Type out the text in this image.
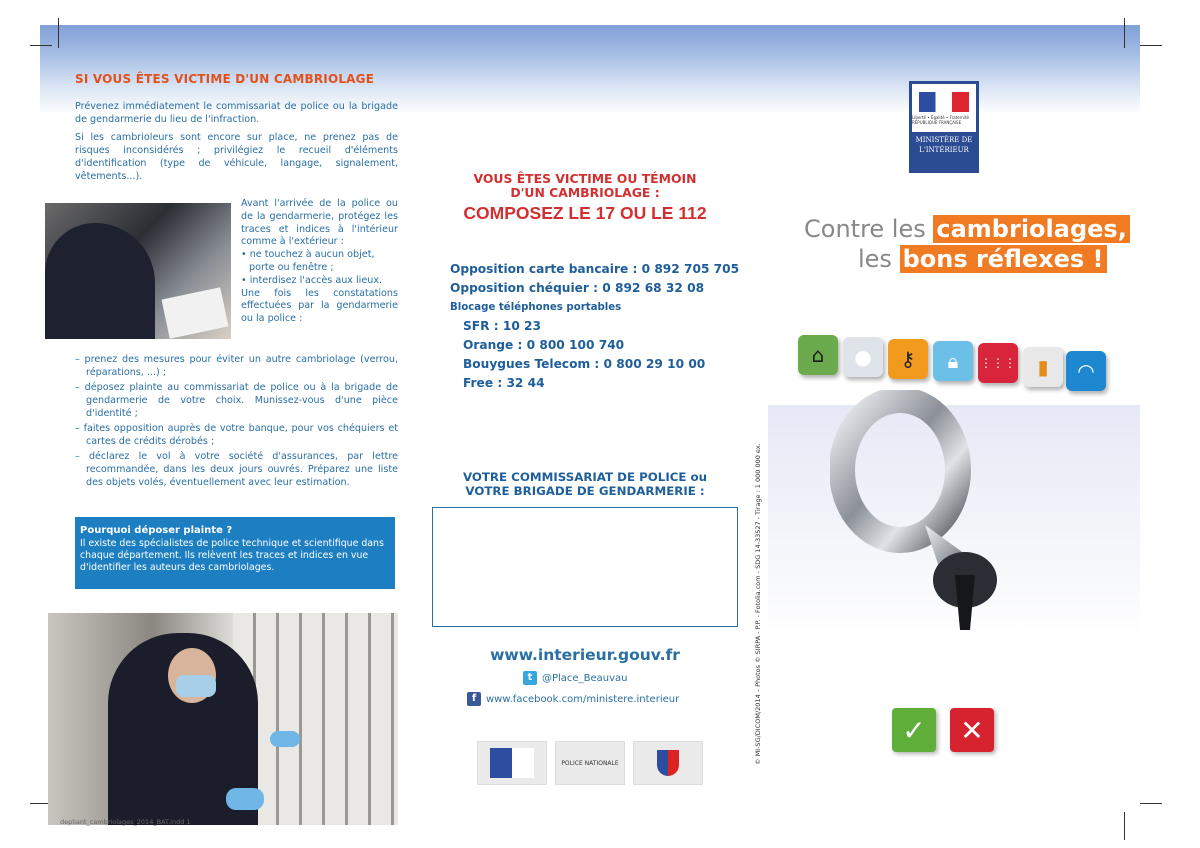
SI VOUS ÊTES VICTIME D'UN CAMBRIOLAGE
Prévenez immédiatement le commissariat de police ou la brigade de gendarmerie du lieu de l'infraction.
Si les cambrioleurs sont encore sur place, ne prenez pas de risques inconsidérés ; privilégiez le recueil d'éléments d'identification (type de véhicule, langage, signalement, vêtements...).
Avant l'arrivée de la police ou de la gendarmerie, protégez les traces et indices à l'intérieur comme à l'extérieur :
• ne touchez à aucun objet, porte ou fenêtre ;
• interdisez l'accès aux lieux.
Une fois les constatations effectuées par la gendarmerie ou la police :
– prenez des mesures pour éviter un autre cambriolage (verrou, réparations, ...) ;
– déposez plainte au commissariat de police ou à la brigade de gendarmerie de votre choix. Munissez-vous d'une pièce d'identité ;
– faites opposition auprès de votre banque, pour vos chéquiers et cartes de crédits dérobés ;
– déclarez le vol à votre société d'assurances, par lettre recommandée, dans les deux jours ouvrés. Préparez une liste des objets volés, éventuellement avec leur estimation.
Pourquoi déposer plainte ?
Il existe des spécialistes de police technique et scientifique dans chaque département. Ils relèvent les traces et indices en vue d'identifier les auteurs des cambriolages.
depliant_cambriolages_2014_BAT.indd 1
VOUS ÊTES VICTIME OU TÉMOIN
D'UN CAMBRIOLAGE :
COMPOSEZ LE 17 OU LE 112
Opposition carte bancaire : 0 892 705 705
Opposition chéquier : 0 892 68 32 08
Blocage téléphones portables
SFR : 10 23
Orange : 0 800 100 740
Bouygues Telecom : 0 800 29 10 00
Free : 32 44
VOTRE COMMISSARIAT DE POLICE ou
VOTRE BRIGADE DE GENDARMERIE :
www.interieur.gouv.fr
t @Place_Beauvau
f www.facebook.com/ministere.interieur
POLICE NATIONALE	© MI-SG/DICOM/2014 – Photos © SIRPA - P.P. - Fotolia.com - SDG 14-33527 - Tirage : 1 000 000 ex.
Liberté • Égalité • Fraternité RÉPUBLIQUE FRANÇAISE
MINISTÈRE DE L'INTÉRIEUR
Contre les cambriolages,
les bons réflexes !
⌂	●	⚷	🔒︎	⋮⋮⋮	▮	◠
✓	✕
